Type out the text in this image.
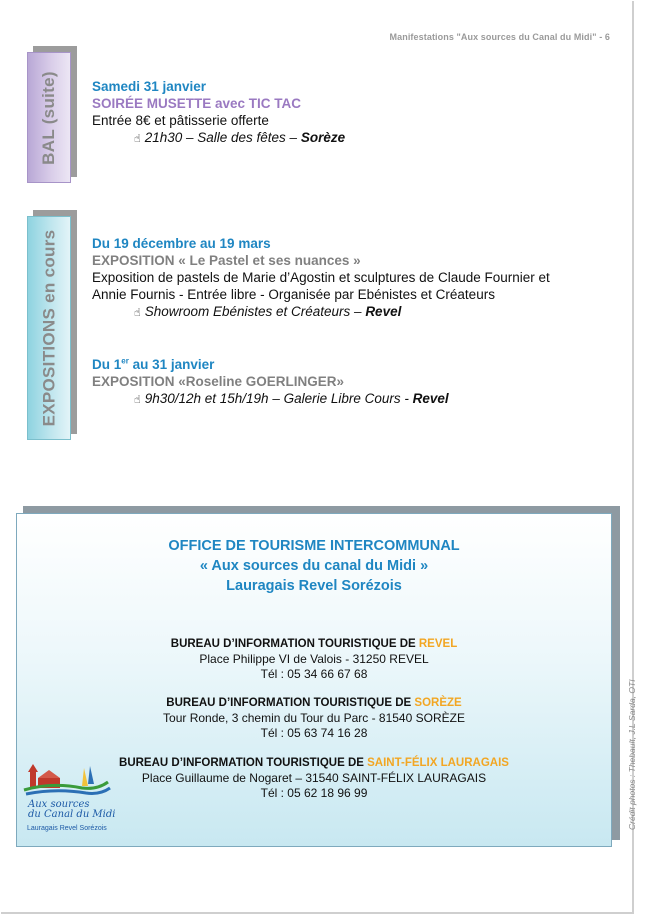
Manifestations "Aux sources du Canal du Midi" - 6
BAL (suite)	Samedi 31 janvier
SOIRÉE MUSETTE avec TIC TAC
Entrée 8€ et pâtisserie offerte
☝ 21h30 – Salle des fêtes – Sorèze
EXPOSITIONS en cours	Du 19 décembre au 19 mars
EXPOSITION « Le Pastel et ses nuances »
Exposition de pastels de Marie d’Agostin et sculptures de Claude Fournier et
Annie Fournis - Entrée libre - Organisée par Ebénistes et Créateurs
☝ Showroom Ebénistes et Créateurs – Revel
Du 1er au 31 janvier
EXPOSITION «Roseline GOERLINGER»
☝ 9h30/12h et 15h/19h – Galerie Libre Cours - Revel
OFFICE DE TOURISME INTERCOMMUNAL
« Aux sources du canal du Midi »
Lauragais Revel Sorézois
BUREAU D’INFORMATION TOURISTIQUE DE REVEL
Place Philippe VI de Valois - 31250 REVEL
Tél : 05 34 66 67 68
BUREAU D’INFORMATION TOURISTIQUE DE SORÈZE
Tour Ronde, 3 chemin du Tour du Parc - 81540 SORÈZE
Tél : 05 63 74 16 28
BUREAU D’INFORMATION TOURISTIQUE DE SAINT-FÉLIX LAURAGAIS
Place Guillaume de Nogaret – 31540 SAINT-FÉLIX LAURAGAIS
Tél : 05 62 18 96 99
Aux sources
du Canal du Midi
Lauragais Revel Sorézois	Crédit photos : Thebault, J.L Sarda, OTI
